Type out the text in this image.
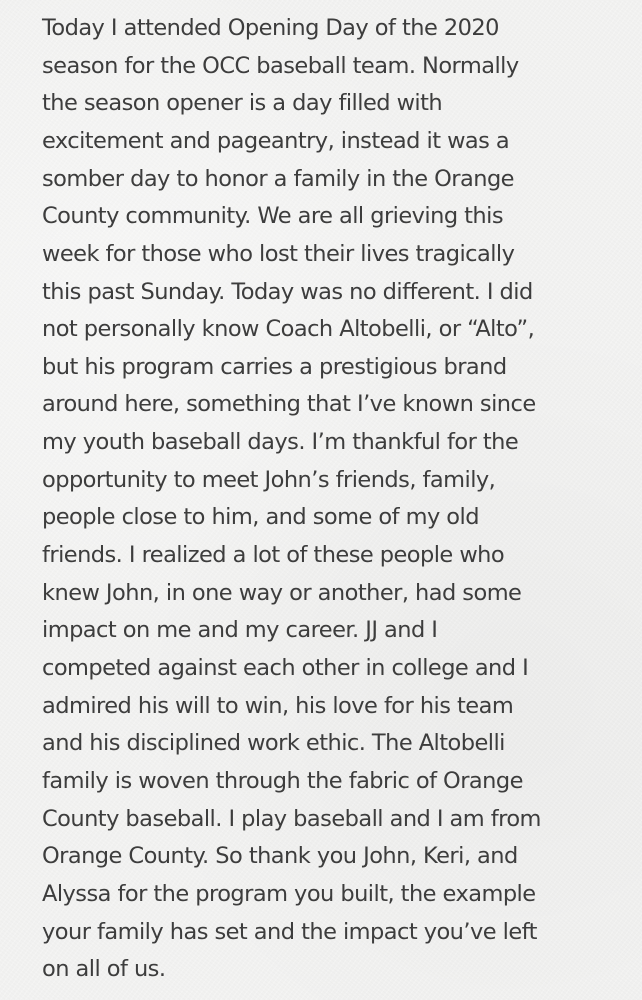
Today I attended Opening Day of the 2020
season for the OCC baseball team. Normally
the season opener is a day filled with
excitement and pageantry, instead it was a
somber day to honor a family in the Orange
County community. We are all grieving this
week for those who lost their lives tragically
this past Sunday. Today was no different. I did
not personally know Coach Altobelli, or “Alto”,
but his program carries a prestigious brand
around here, something that I’ve known since
my youth baseball days. I’m thankful for the
opportunity to meet John’s friends, family,
people close to him, and some of my old
friends. I realized a lot of these people who
knew John, in one way or another, had some
impact on me and my career. JJ and I
competed against each other in college and I
admired his will to win, his love for his team
and his disciplined work ethic. The Altobelli
family is woven through the fabric of Orange
County baseball. I play baseball and I am from
Orange County. So thank you John, Keri, and
Alyssa for the program you built, the example
your family has set and the impact you’ve left
on all of us.
